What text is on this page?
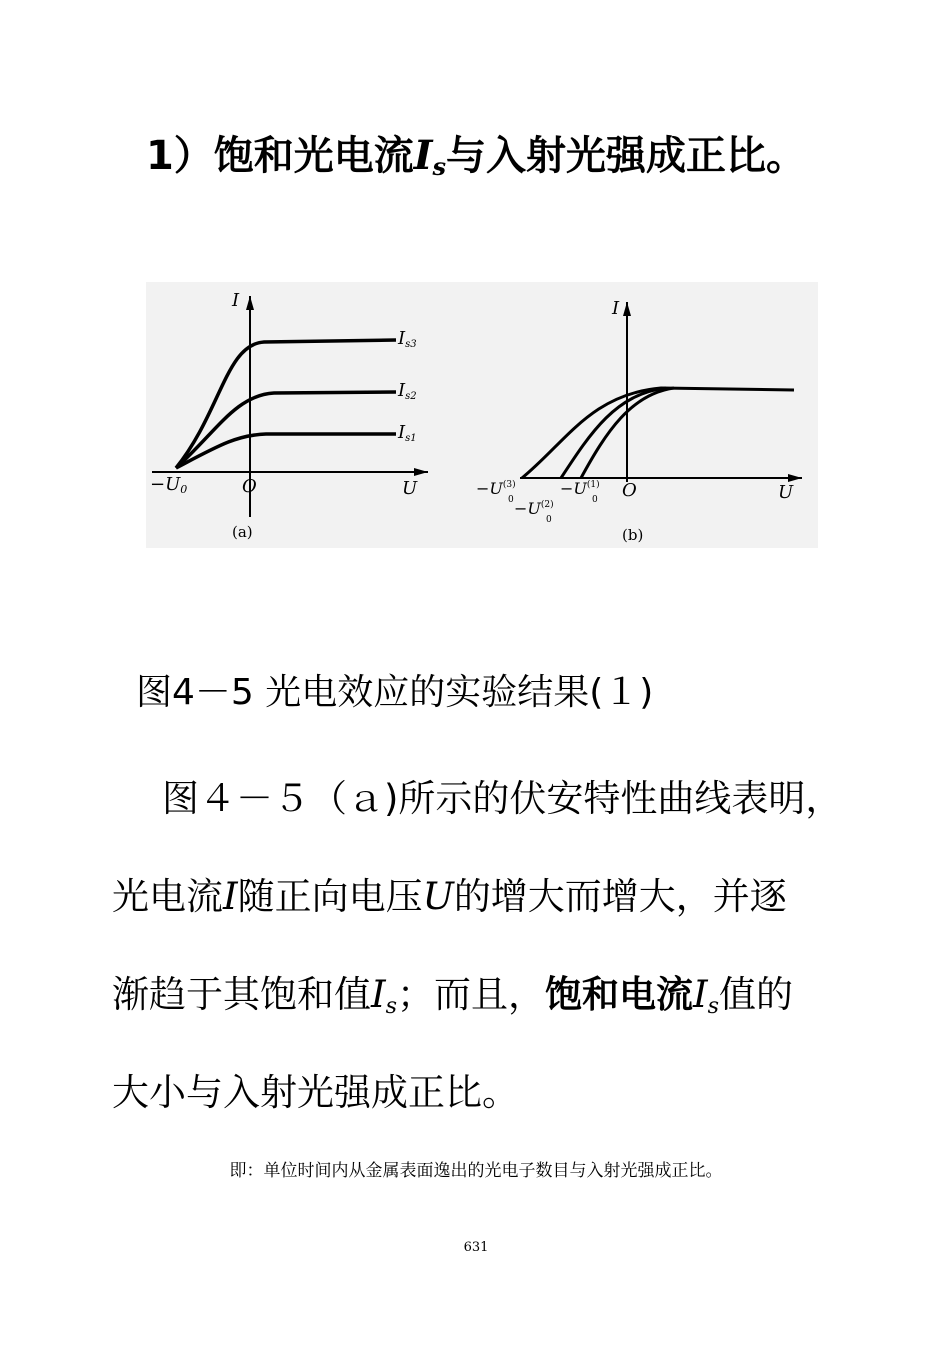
1）饱和光电流Is与入射光强成正比。
I
O	U
−U0
Is3
Is2
Is1
I
O	U
$-U^{(3)}$
0
$-U^{(1)}$
0
$-U^{(2)}$
0
(a)	(b)
图4－5 光电效应的实验结果(１)
图４－５（ａ)所示的伏安特性曲线表明，
光电流I随正向电压U的增大而增大，并逐
渐趋于其饱和值Is；而且，饱和电流Is值的
大小与入射光强成正比。
即：单位时间内从金属表面逸出的光电子数目与入射光强成正比。
631
